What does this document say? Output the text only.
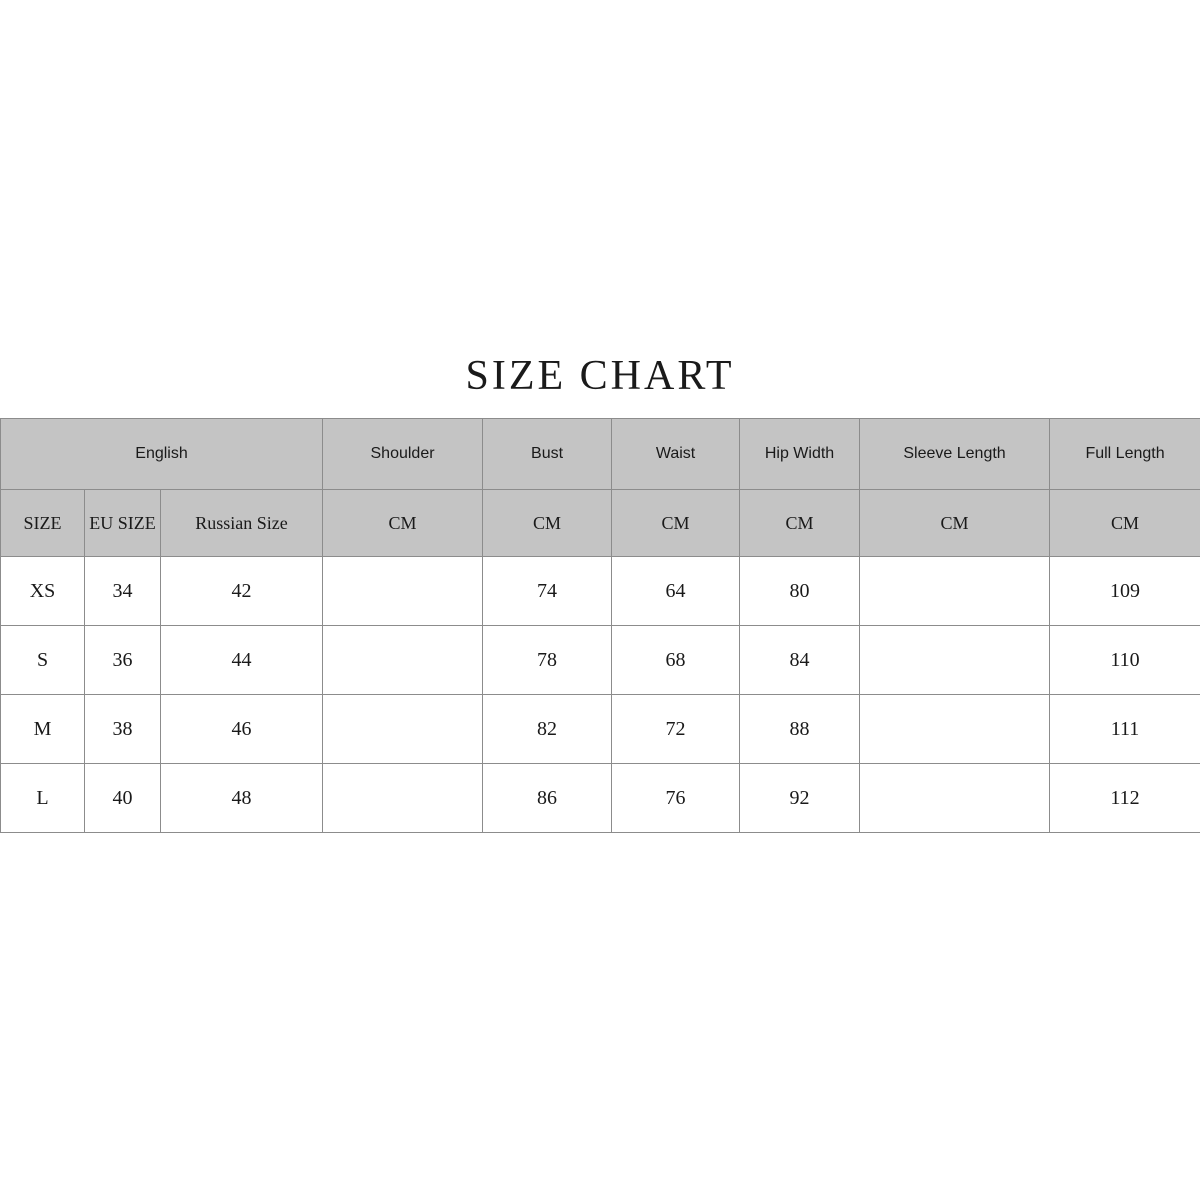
SIZE CHART
English			Shoulder	Bust	Waist	Hip Width	Sleeve Length	Full Length
SIZE	EU SIZE	Russian Size	CM	CM	CM	CM	CM	CM
XS	34	42		74	64	80		109
S	36	44		78	68	84		110
M	38	46		82	72	88		111
L	40	48		86	76	92		112
